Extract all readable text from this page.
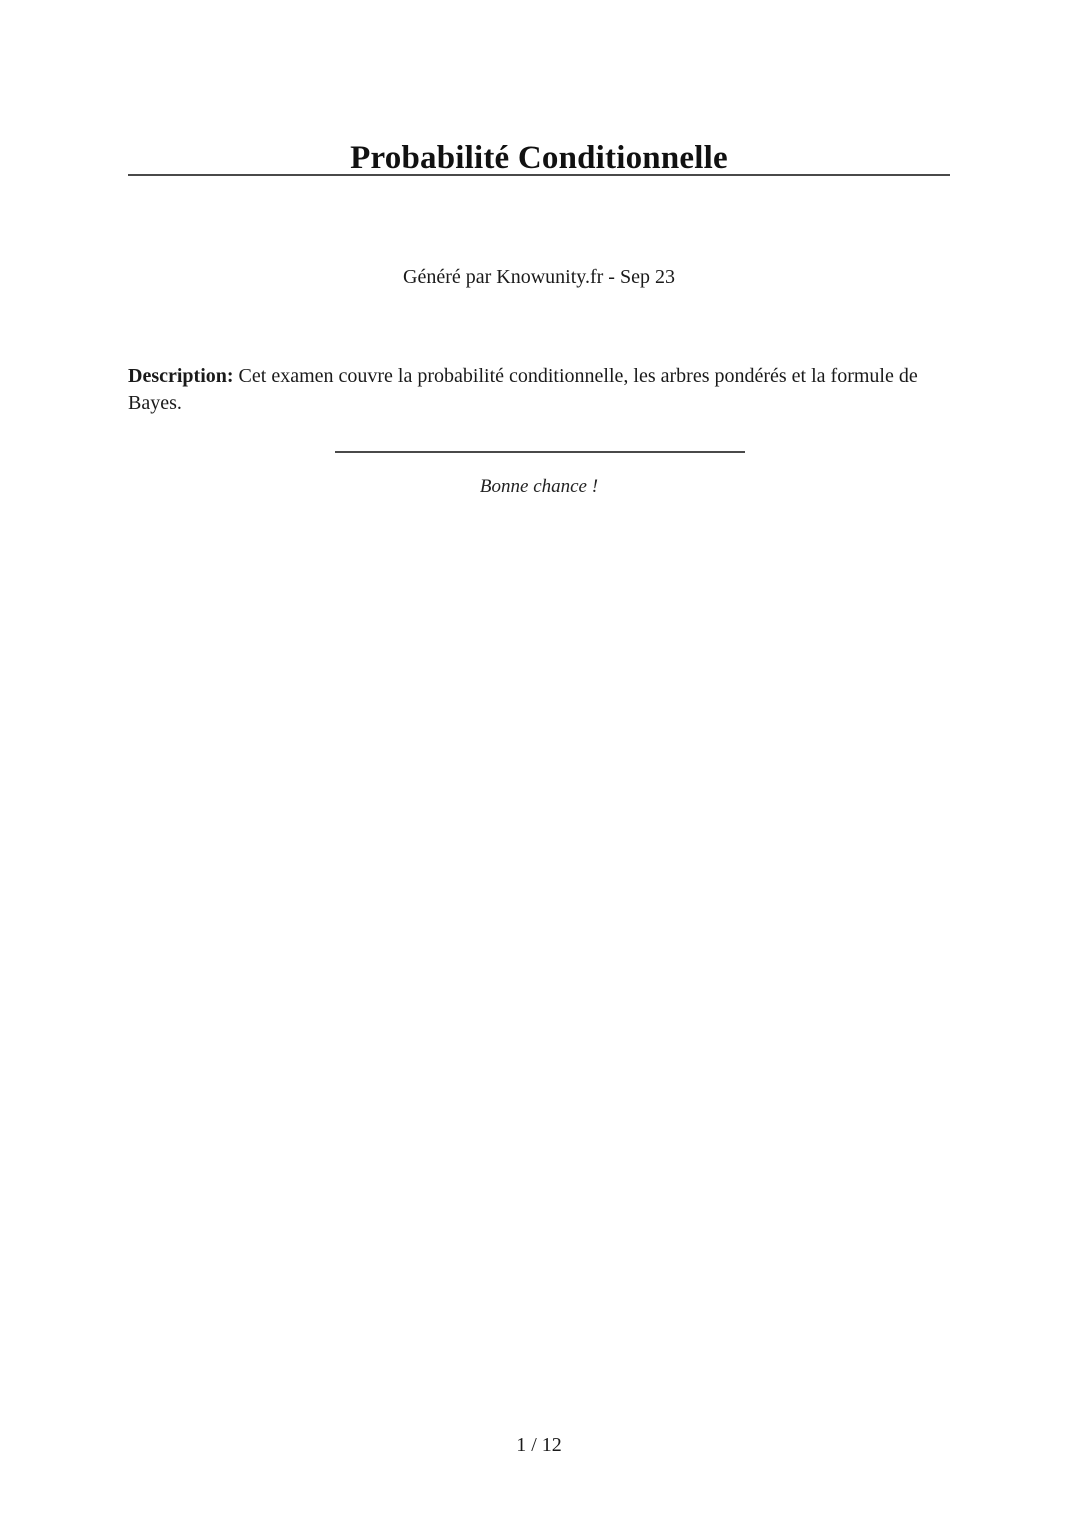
Probabilité Conditionnelle
Généré par Knowunity.fr - Sep 23

Description: Cet examen couvre la probabilité conditionnelle, les arbres pondérés et la formule de Bayes.

Bonne chance !
1 / 12
